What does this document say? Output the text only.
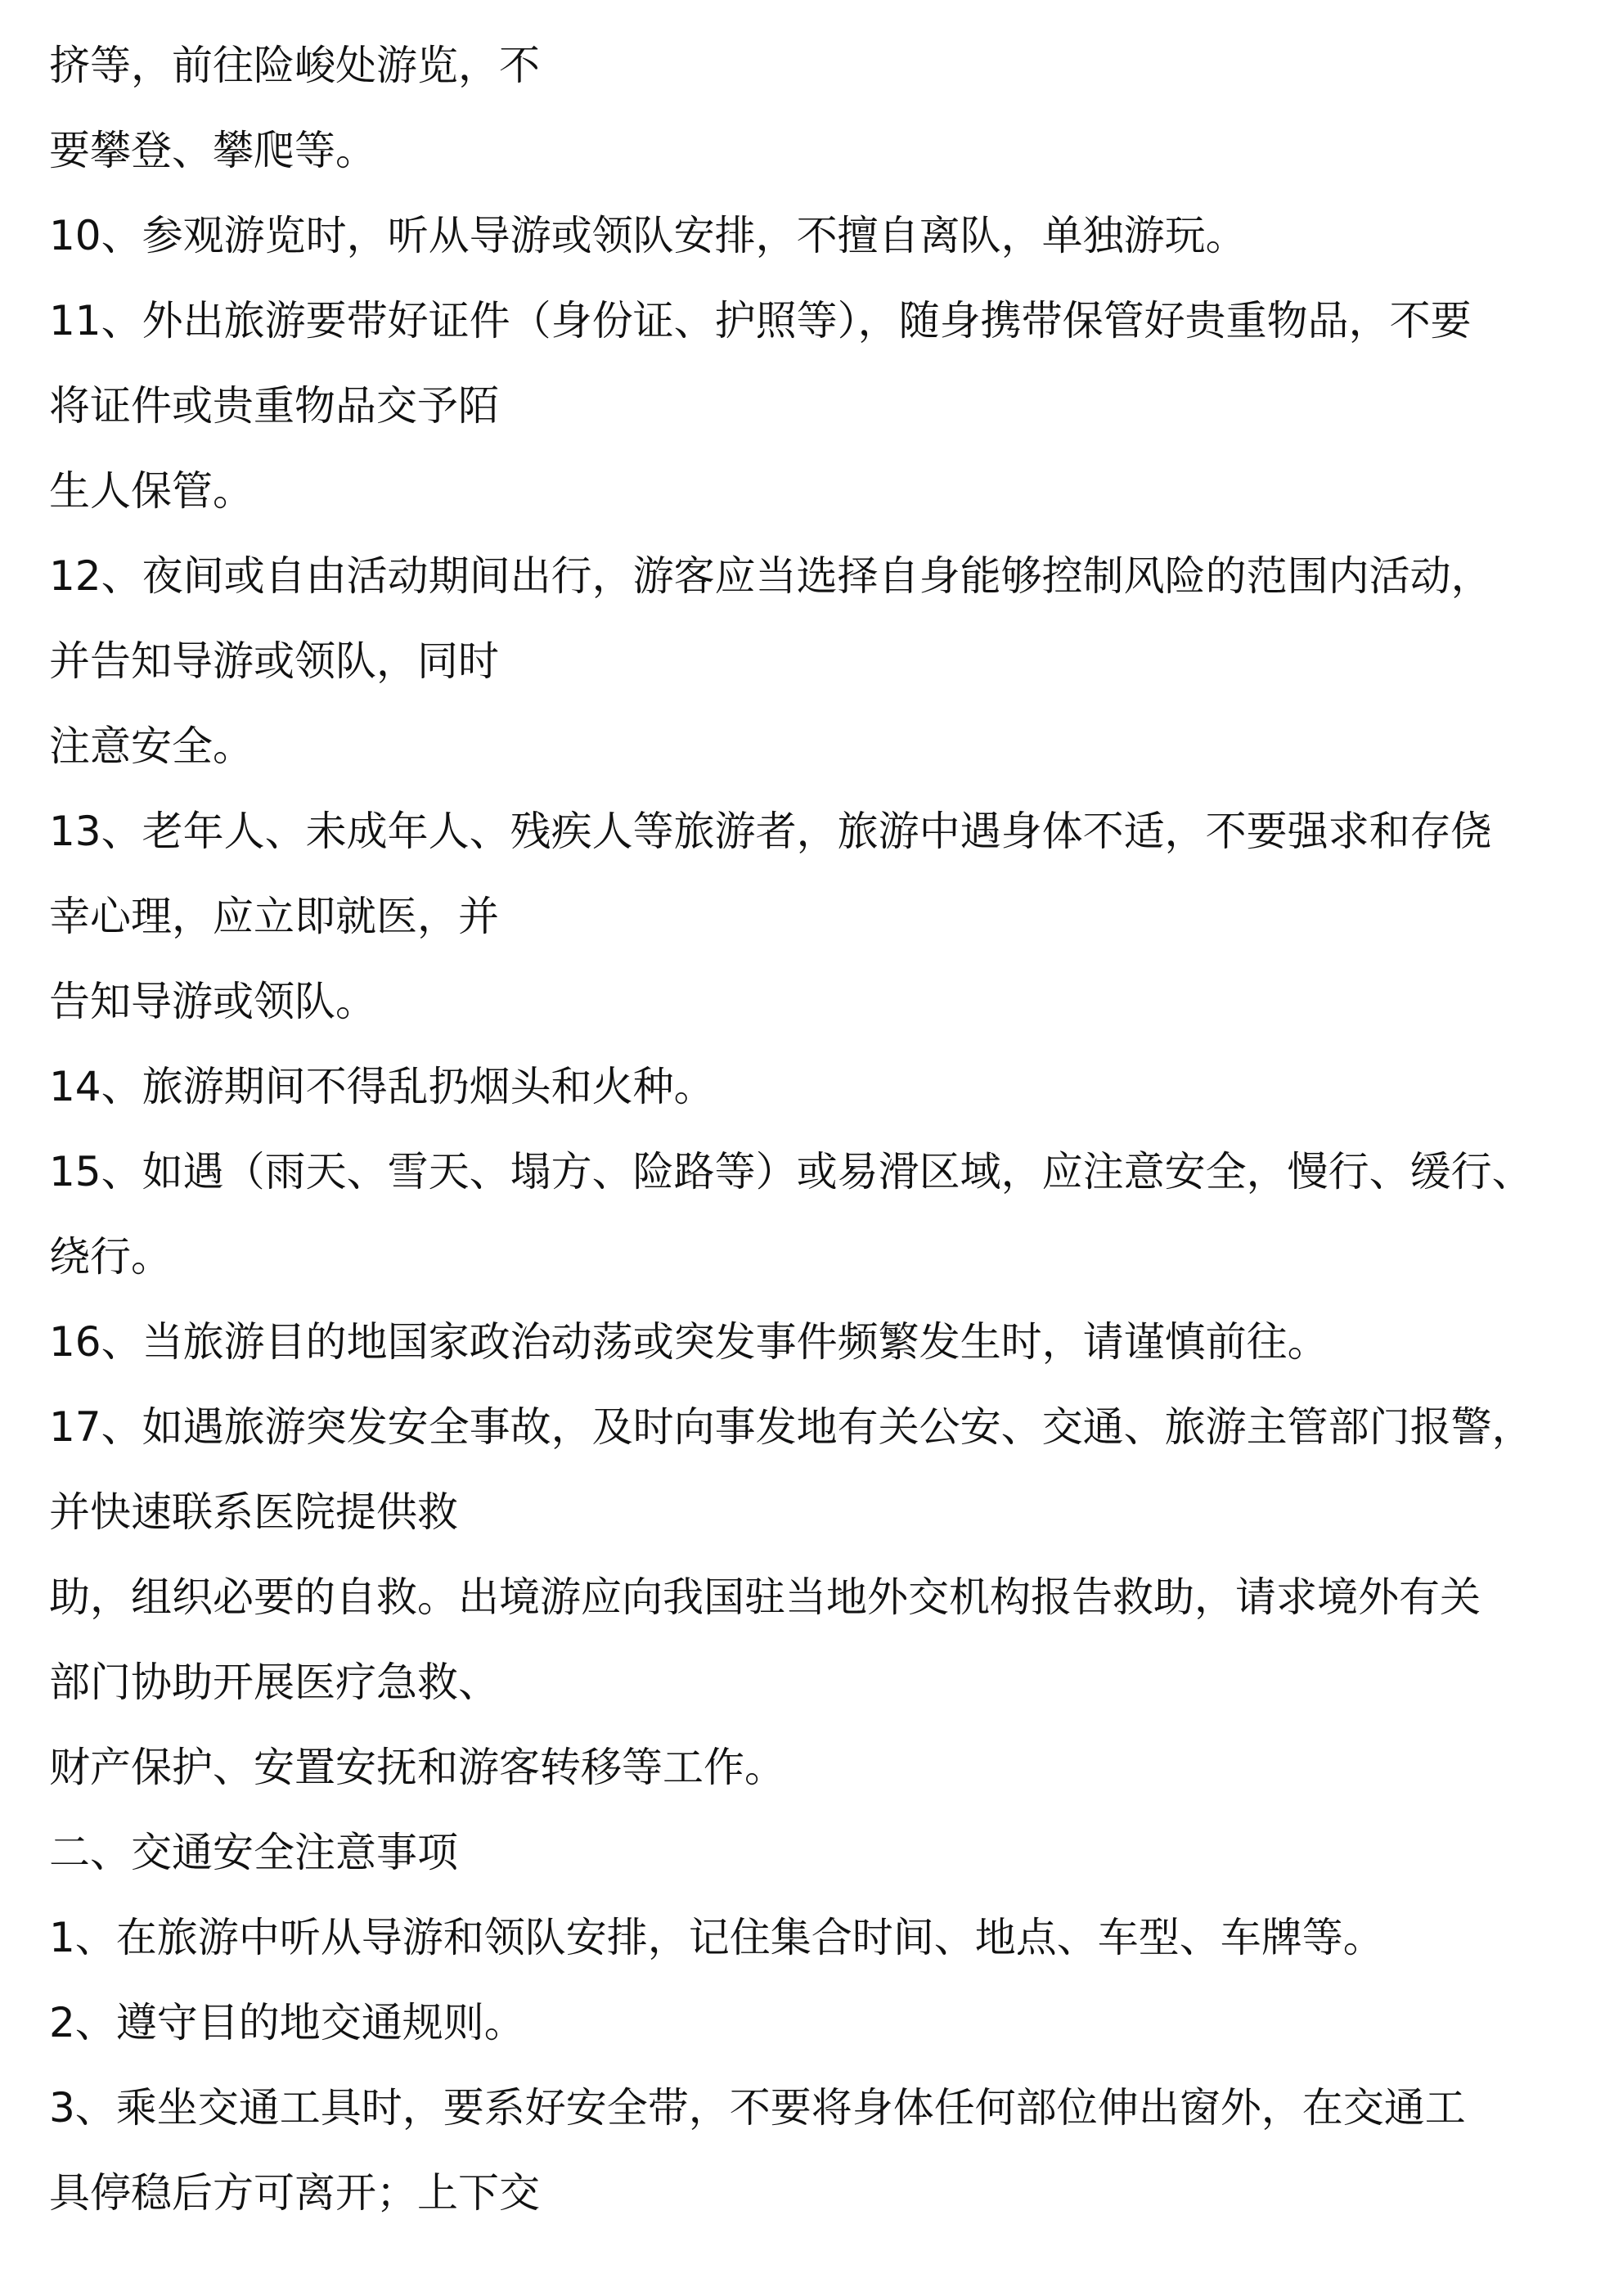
挤等，前往险峻处游览，不
要攀登、攀爬等。
10、参观游览时，听从导游或领队安排，不擅自离队，单独游玩。
11、外出旅游要带好证件（身份证、护照等），随身携带保管好贵重物品，不要
将证件或贵重物品交予陌
生人保管。
12、夜间或自由活动期间出行，游客应当选择自身能够控制风险的范围内活动，
并告知导游或领队，同时
注意安全。
13、老年人、未成年人、残疾人等旅游者，旅游中遇身体不适，不要强求和存侥
幸心理，应立即就医，并
告知导游或领队。
14、旅游期间不得乱扔烟头和火种。
15、如遇（雨天、雪天、塌方、险路等）或易滑区域，应注意安全，慢行、缓行、
绕行。
16、当旅游目的地国家政治动荡或突发事件频繁发生时，请谨慎前往。
17、如遇旅游突发安全事故，及时向事发地有关公安、交通、旅游主管部门报警，
并快速联系医院提供救
助，组织必要的自救。出境游应向我国驻当地外交机构报告救助，请求境外有关
部门协助开展医疗急救、
财产保护、安置安抚和游客转移等工作。
二、交通安全注意事项
1、在旅游中听从导游和领队安排，记住集合时间、地点、车型、车牌等。
2、遵守目的地交通规则。
3、乘坐交通工具时，要系好安全带，不要将身体任何部位伸出窗外，在交通工
具停稳后方可离开；上下交
